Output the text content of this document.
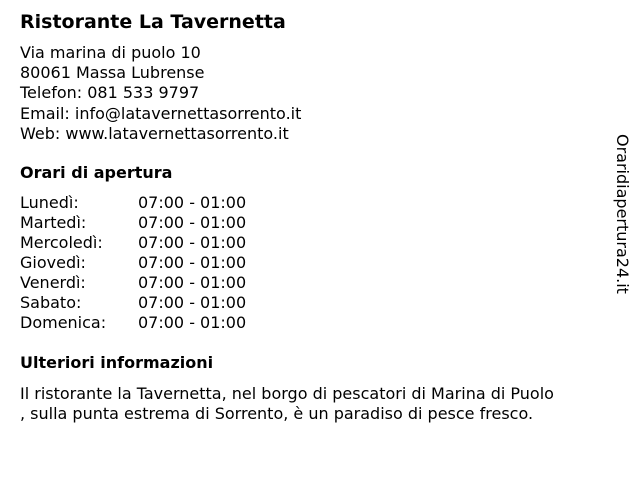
Ristorante La Tavernetta
Via marina di puolo 10
80061 Massa Lubrense
Telefon: 081 533 9797
Email: info@latavernettasorrento.it
Web: www.latavernettasorrento.it
Orari di apertura
Lunedì:	07:00 - 01:00
Martedì:	07:00 - 01:00
Mercoledì: 07:00 - 01:00
Giovedì:	07:00 - 01:00
Venerdì:	07:00 - 01:00
Sabato:	07:00 - 01:00
Domenica: 07:00 - 01:00
Ulteriori informazioni
Il ristorante la Tavernetta, nel borgo di pescatori di Marina di Puolo
, sulla punta estrema di Sorrento, è un paradiso di pesce fresco.
Oraridiapertura24.it
